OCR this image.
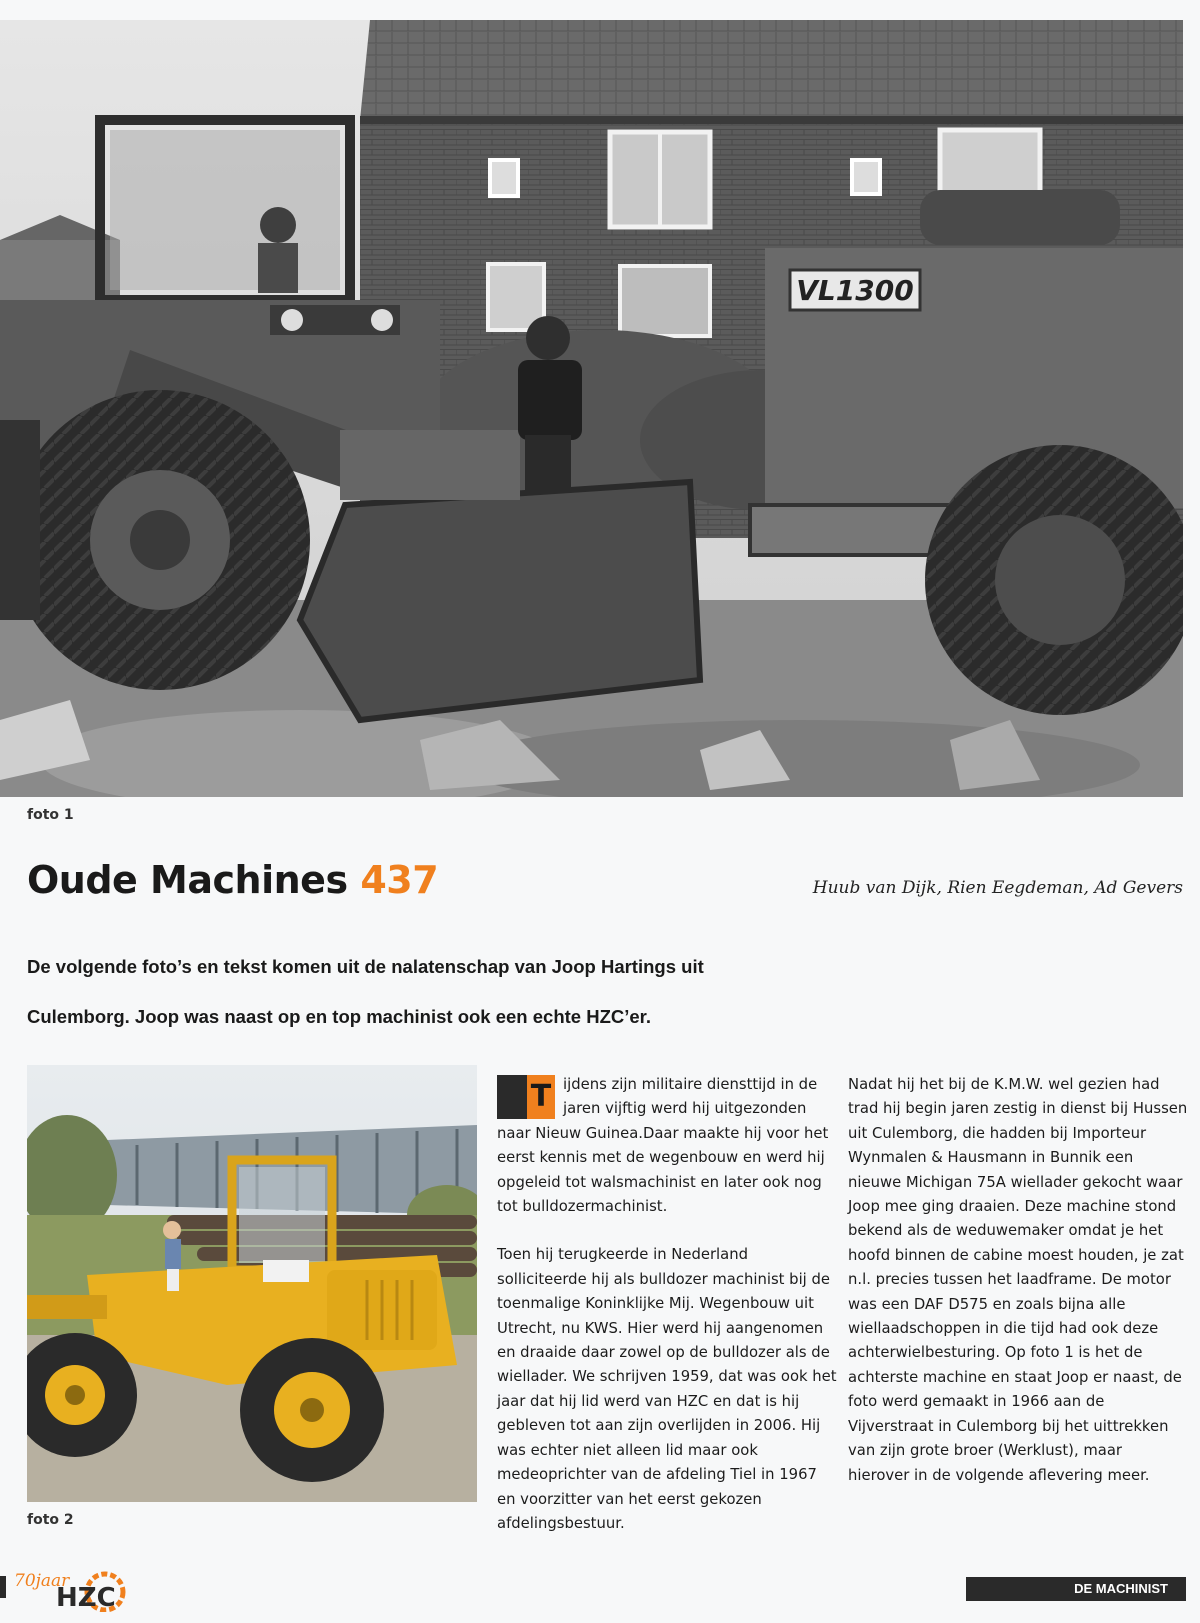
VL1300
foto 1
Oude Machines 437	Huub van Dijk, Rien Eegdeman, Ad Gevers

De volgende foto’s en tekst komen uit de nalatenschap van Joop Hartings uit
Culemborg. Joop was naast op en top machinist ook een echte HZC’er.

foto 2

T ijdens zijn militaire diensttijd in de jaren vijftig werd hij uitgezonden naar Nieuw Guinea.Daar maakte hij voor het eerst kennis met de wegenbouw en werd hij opgeleid tot walsmachinist en later ook nog tot bulldozermachinist.

Toen hij terugkeerde in Nederland solliciteerde hij als bulldozer machinist bij de toenmalige Koninklijke Mij. Wegenbouw uit Utrecht, nu KWS. Hier werd hij aangenomen en draaide daar zowel op de bulldozer als de wiellader. We schrijven 1959, dat was ook het jaar dat hij lid werd van HZC en dat is hij gebleven tot aan zijn overlijden in 2006. Hij was echter niet alleen lid maar ook medeoprichter van de afdeling Tiel in 1967 en voorzitter van het eerst gekozen afdelingsbestuur.

Nadat hij het bij de K.M.W. wel gezien had trad hij begin jaren zestig in dienst bij Hussen uit Culemborg, die hadden bij Importeur Wynmalen & Hausmann in Bunnik een nieuwe Michigan 75A wiellader gekocht waar Joop mee ging draaien. Deze machine stond bekend als de weduwemaker omdat je het hoofd binnen de cabine moest houden, je zat n.l. precies tussen het laadframe. De motor was een DAF D575 en zoals bijna alle wiellaadschoppen in die tijd had ook deze achterwielbesturing. Op foto 1 is het de achterste machine en staat Joop er naast, de foto werd gemaakt in 1966 aan de Vijverstraat in Culemborg bij het uittrekken van zijn grote broer (Werklust), maar hierover in de volgende aflevering meer.

70jaar
HZC	DE MACHINIST
